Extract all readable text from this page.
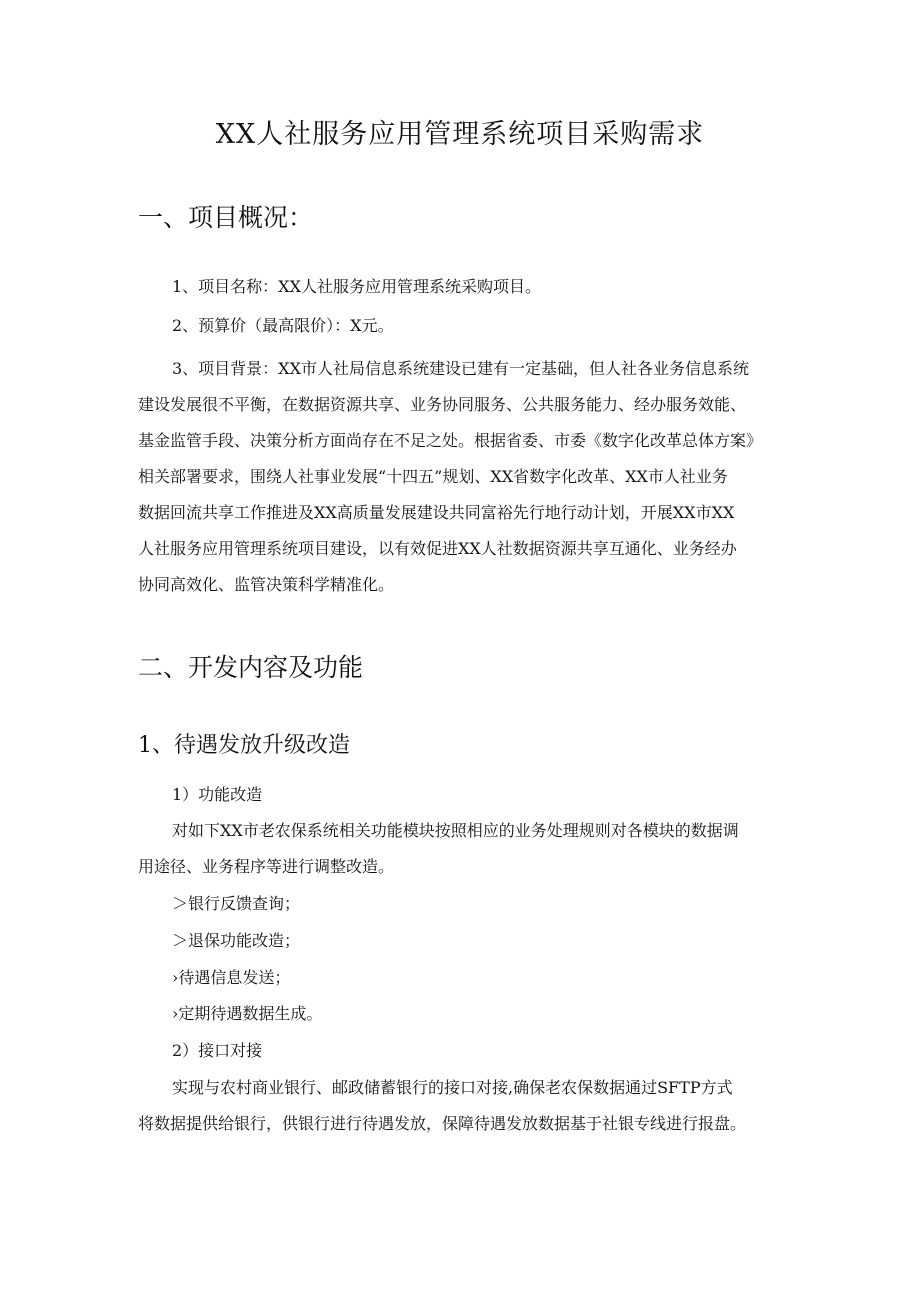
XX人社服务应用管理系统项目采购需求
一、项目概况：
1、项目名称：XX人社服务应用管理系统采购项目。
2、预算价（最高限价）：X元。
3、项目背景：XX市人社局信息系统建设已建有一定基础，但人社各业务信息系统
建设发展很不平衡，在数据资源共享、业务协同服务、公共服务能力、经办服务效能、
基金监管手段、决策分析方面尚存在不足之处。根据省委、市委《数字化改革总体方案》
相关部署要求，围绕人社事业发展“十四五”规划、XX省数字化改革、XX市人社业务
数据回流共享工作推进及XX高质量发展建设共同富裕先行地行动计划，开展XX市XX
人社服务应用管理系统项目建设，以有效促进XX人社数据资源共享互通化、业务经办
协同高效化、监管决策科学精准化。
二、开发内容及功能
1、待遇发放升级改造
1）功能改造
对如下XX市老农保系统相关功能模块按照相应的业务处理规则对各模块的数据调
用途径、业务程序等进行调整改造。
＞银行反馈查询；
＞退保功能改造；
›待遇信息发送；
›定期待遇数据生成。
2）接口对接
实现与农村商业银行、邮政储蓄银行的接口对接,确保老农保数据通过SFTP方式
将数据提供给银行，供银行进行待遇发放，保障待遇发放数据基于社银专线进行报盘。
